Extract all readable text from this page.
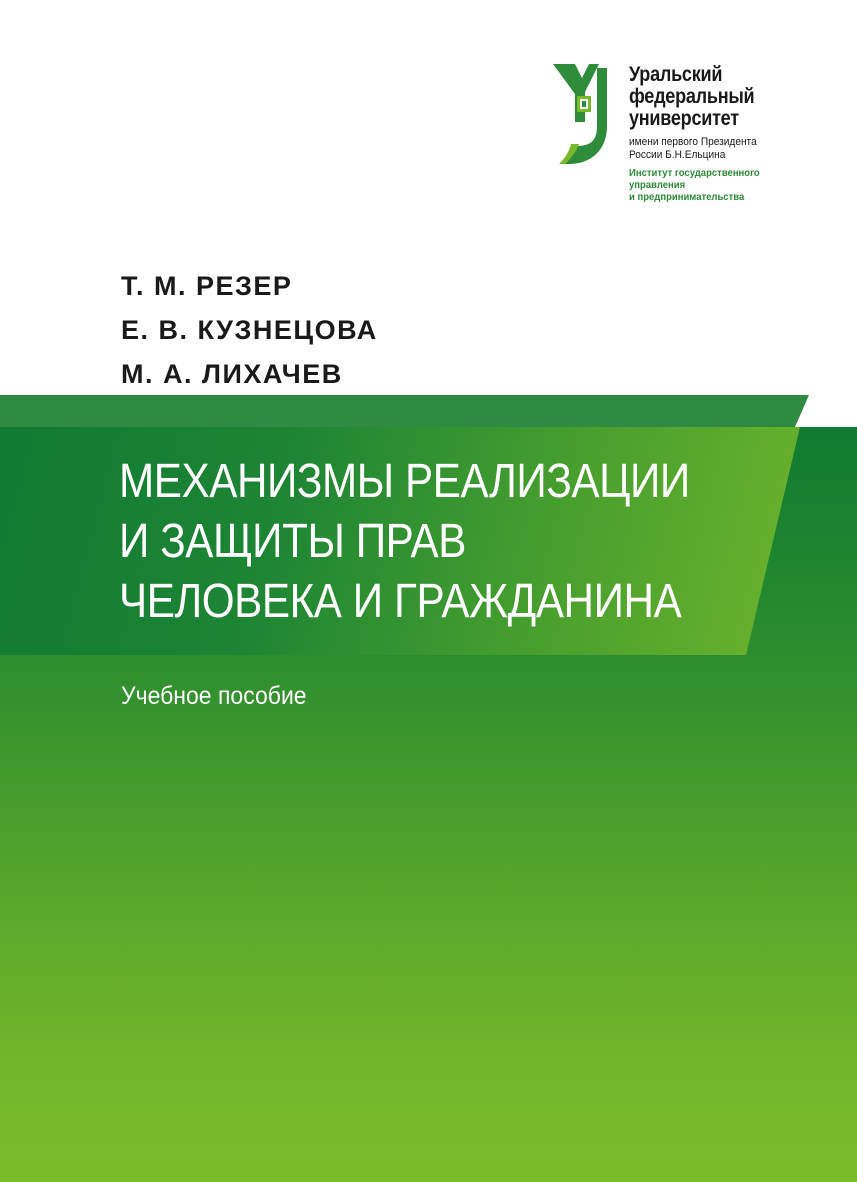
Уральский
федеральный
университет
имени первого Президента
России Б.Н.Ельцина
Институт государственного
управления
и предпринимательства
Т. М. РЕЗЕР
Е. В. КУЗНЕЦОВА
М. А. ЛИХАЧЕВ
МЕХАНИЗМЫ РЕАЛИЗАЦИИ
И ЗАЩИТЫ ПРАВ
ЧЕЛОВЕКА И ГРАЖДАНИНА
Учебное пособие
